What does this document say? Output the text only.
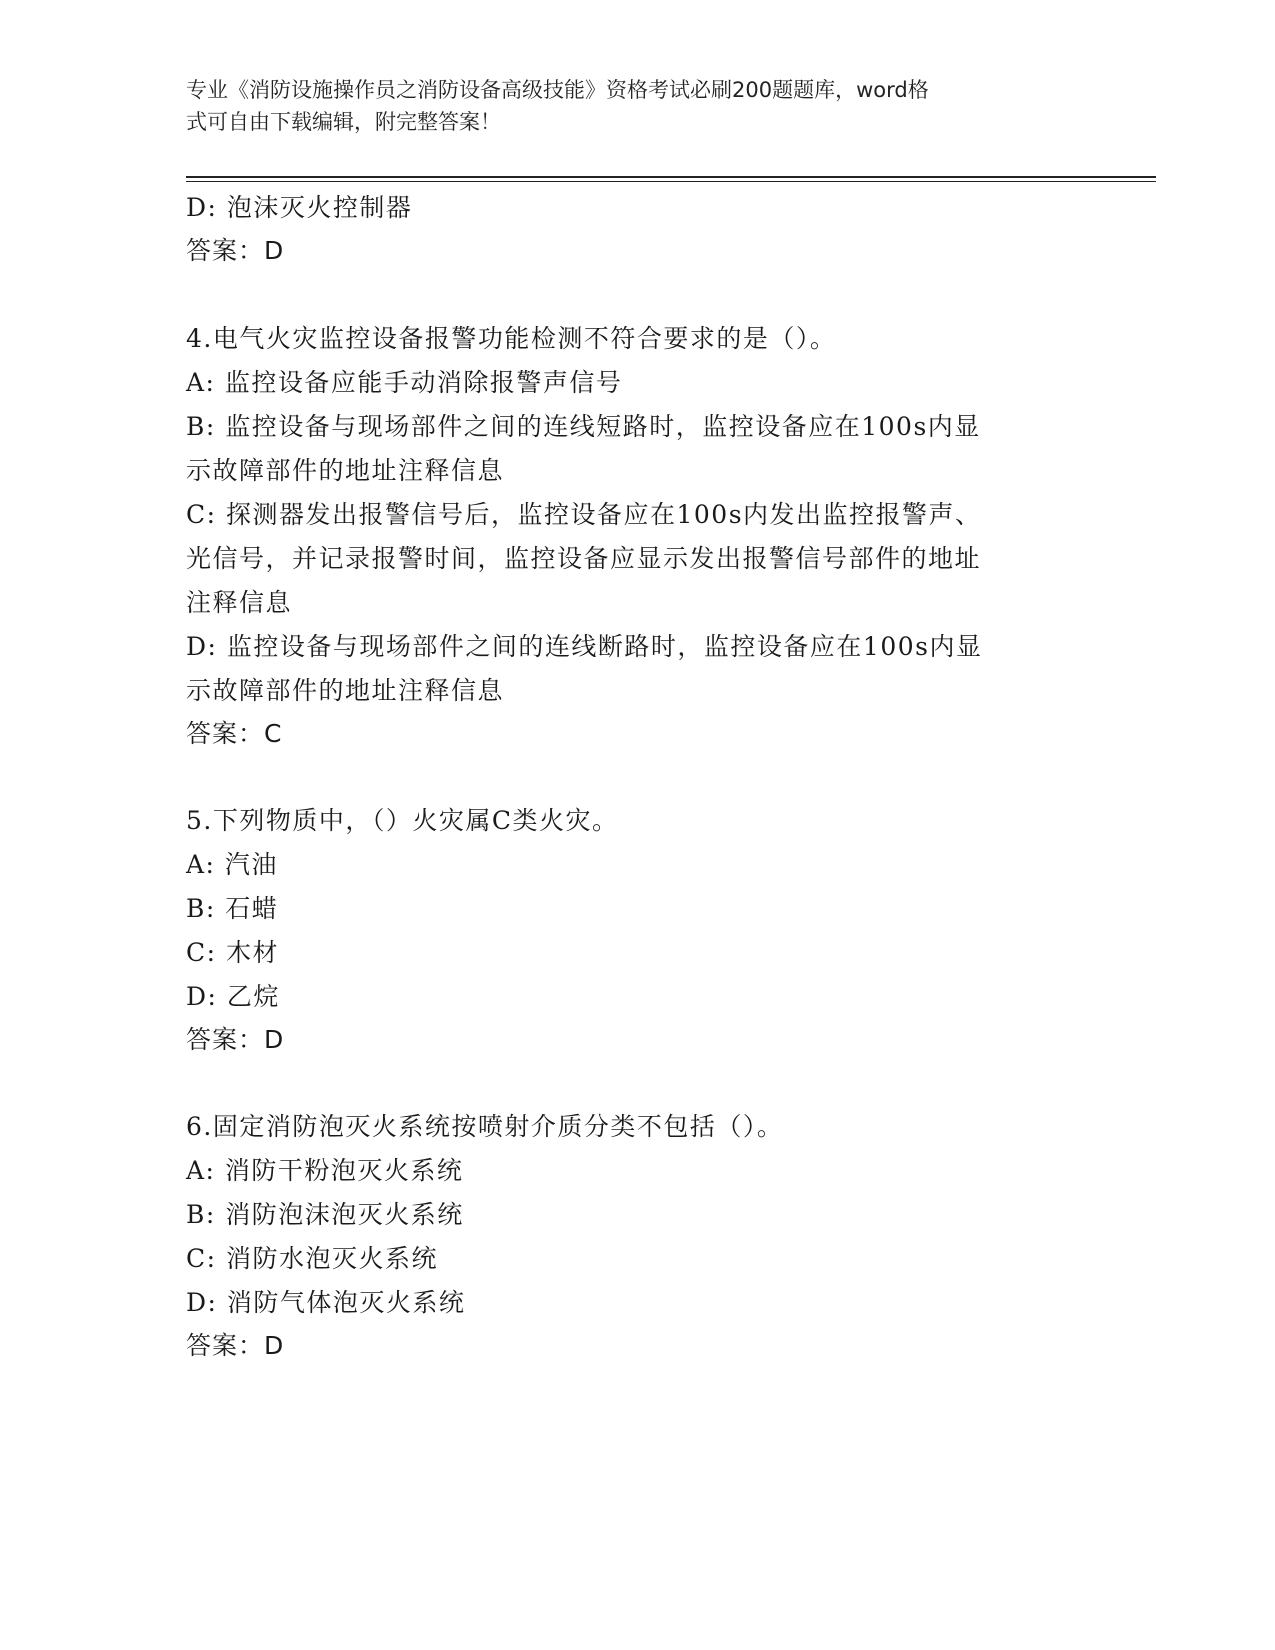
专业《消防设施操作员之消防设备高级技能》资格考试必刷200题题库，word格
式可自由下载编辑，附完整答案！
D: 泡沫灭火控制器
答案：D
4.电气火灾监控设备报警功能检测不符合要求的是（）。
A: 监控设备应能手动消除报警声信号
B: 监控设备与现场部件之间的连线短路时，监控设备应在100s内显
示故障部件的地址注释信息
C: 探测器发出报警信号后，监控设备应在100s内发出监控报警声、
光信号，并记录报警时间，监控设备应显示发出报警信号部件的地址
注释信息
D: 监控设备与现场部件之间的连线断路时，监控设备应在100s内显
示故障部件的地址注释信息
答案：C
5.下列物质中，（）火灾属C类火灾。
A: 汽油
B: 石蜡
C: 木材
D: 乙烷
答案：D
6.固定消防泡灭火系统按喷射介质分类不包括（）。
A: 消防干粉泡灭火系统
B: 消防泡沫泡灭火系统
C: 消防水泡灭火系统
D: 消防气体泡灭火系统
答案：D
